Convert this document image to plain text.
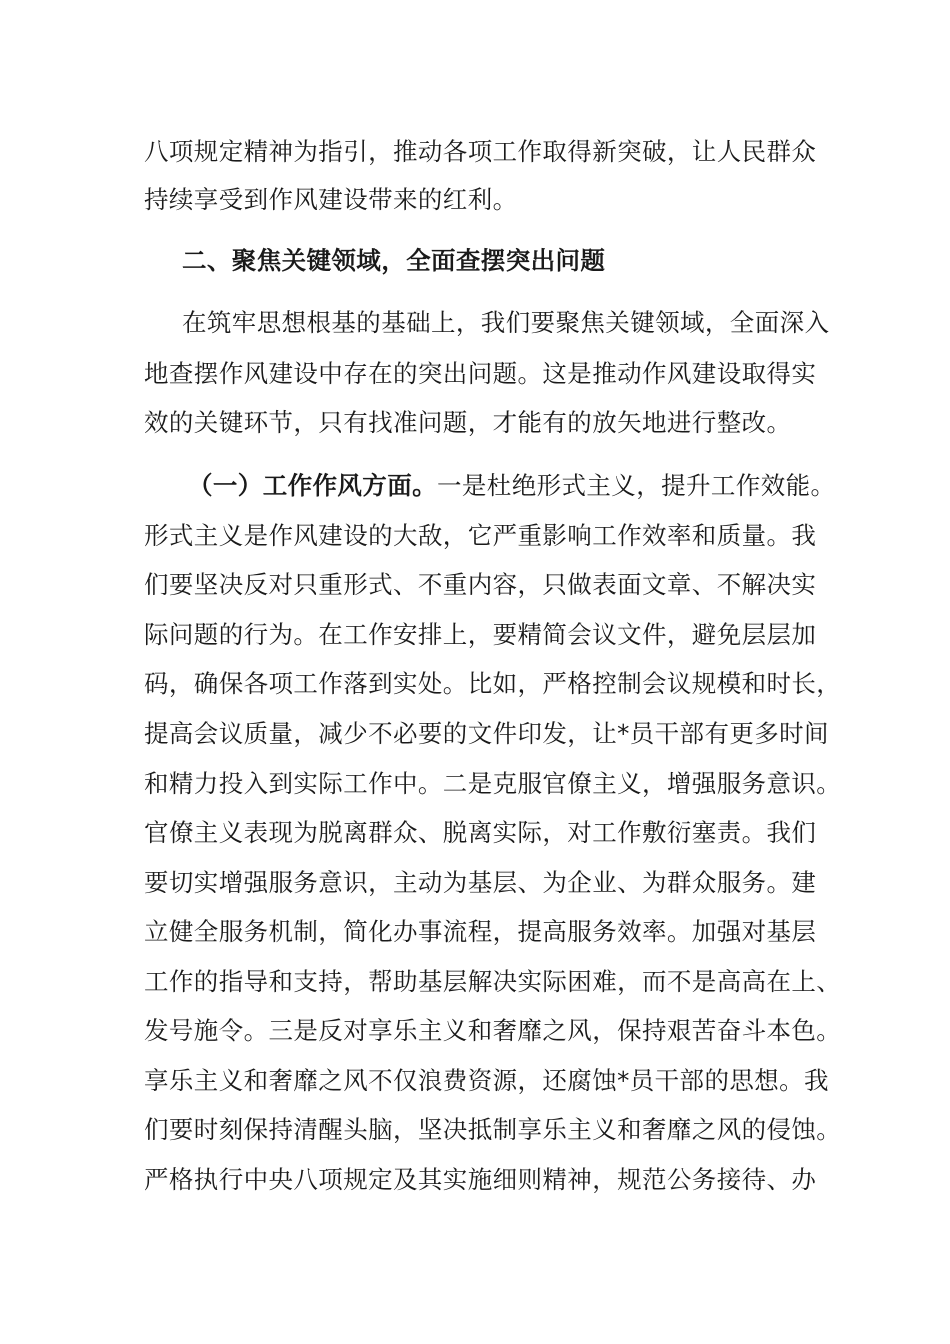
八项规定精神为指引，推动各项工作取得新突破，让人民群众
持续享受到作风建设带来的红利。
二、聚焦关键领域，全面查摆突出问题
在筑牢思想根基的基础上，我们要聚焦关键领域，全面深入
地查摆作风建设中存在的突出问题。这是推动作风建设取得实
效的关键环节，只有找准问题，才能有的放矢地进行整改。
（一）工作作风方面。一是杜绝形式主义，提升工作效能。
形式主义是作风建设的大敌，它严重影响工作效率和质量。我
们要坚决反对只重形式、不重内容，只做表面文章、不解决实
际问题的行为。在工作安排上，要精简会议文件，避免层层加
码，确保各项工作落到实处。比如，严格控制会议规模和时长，
提高会议质量，减少不必要的文件印发，让*员干部有更多时间
和精力投入到实际工作中。二是克服官僚主义，增强服务意识。
官僚主义表现为脱离群众、脱离实际，对工作敷衍塞责。我们
要切实增强服务意识，主动为基层、为企业、为群众服务。建
立健全服务机制，简化办事流程，提高服务效率。加强对基层
工作的指导和支持，帮助基层解决实际困难，而不是高高在上、
发号施令。三是反对享乐主义和奢靡之风，保持艰苦奋斗本色。
享乐主义和奢靡之风不仅浪费资源，还腐蚀*员干部的思想。我
们要时刻保持清醒头脑，坚决抵制享乐主义和奢靡之风的侵蚀。
严格执行中央八项规定及其实施细则精神，规范公务接待、办
